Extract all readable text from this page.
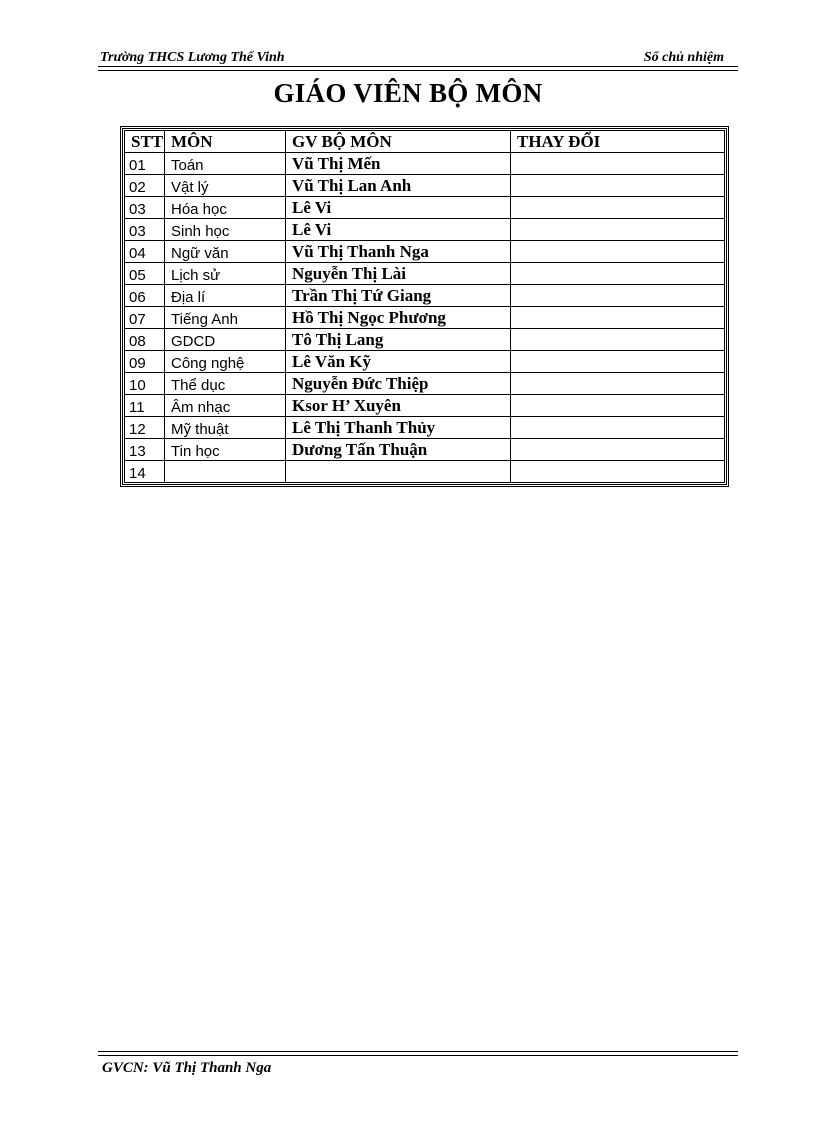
Trường THCS Lương Thế Vinh	Sổ chủ nhiệm
GIÁO VIÊN BỘ MÔN
STT	MÔN	GV BỘ MÔN	THAY ĐỔI
01	Toán	Vũ Thị Mến	
02	Vật lý	Vũ Thị Lan Anh	
03	Hóa học	Lê Vi	
03	Sinh học	Lê Vi	
04	Ngữ văn	Vũ Thị Thanh Nga	
05	Lịch sử	Nguyễn Thị Lài	
06	Địa lí	Trần Thị Tứ Giang	
07	Tiếng Anh	Hồ Thị Ngọc Phương	
08	GDCD	Tô Thị Lang	
09	Công nghệ	Lê Văn Kỹ	
10	Thể dục	Nguyễn Đức Thiệp	
11	Âm nhạc	Ksor H’ Xuyên	
12	Mỹ thuật	Lê Thị Thanh Thủy	
13	Tin học	Dương Tấn Thuận	
14			
GVCN: Vũ Thị Thanh Nga
